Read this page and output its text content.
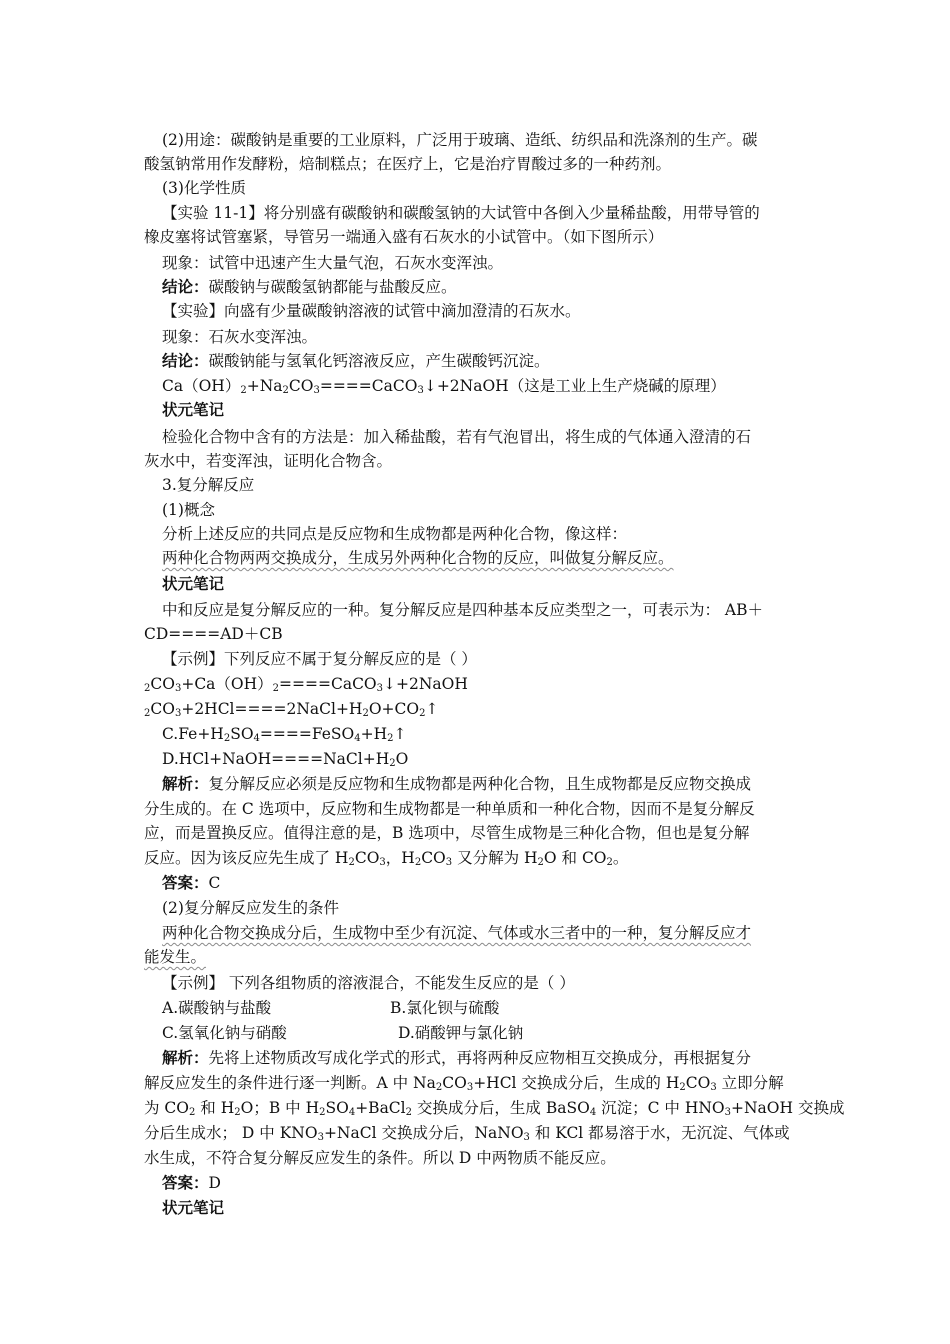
(2)用途：碳酸钠是重要的工业原料，广泛用于玻璃、造纸、纺织品和洗涤剂的生产。碳
酸氢钠常用作发酵粉，焙制糕点；在医疗上，它是治疗胃酸过多的一种药剂。
(3)化学性质
【实验 11-1】将分别盛有碳酸钠和碳酸氢钠的大试管中各倒入少量稀盐酸，用带导管的
橡皮塞将试管塞紧，导管另一端通入盛有石灰水的小试管中。（如下图所示）
现象：试管中迅速产生大量气泡，石灰水变浑浊。
结论：碳酸钠与碳酸氢钠都能与盐酸反应。
【实验】向盛有少量碳酸钠溶液的试管中滴加澄清的石灰水。
现象：石灰水变浑浊。
结论：碳酸钠能与氢氧化钙溶液反应，产生碳酸钙沉淀。
$Ca(OH)_2+Na_2CO_3====CaCO_3↓+2NaOH$（这是工业上生产烧碱的原理）
状元笔记
检验化合物中含有的方法是：加入稀盐酸，若有气泡冒出，将生成的气体通入澄清的石
灰水中，若变浑浊，证明化合物含。
3.复分解反应
(1)概念
分析上述反应的共同点是反应物和生成物都是两种化合物，像这样：
两种化合物两两交换成分，生成另外两种化合物的反应，叫做复分解反应。
状元笔记
中和反应是复分解反应的一种。复分解反应是四种基本反应类型之一，可表示为： AB＋
CD====AD＋CB
【示例】下列反应不属于复分解反应的是（ ）
$_2CO_3+Ca(OH)_2====CaCO_3↓+2NaOH$
$_2CO_3+2HCl====2NaCl+H_2O+CO_2↑$
$C.Fe+H_2SO_4====FeSO_4+H_2↑$
$D.HCl+NaOH====NaCl+H_2O$
解析：复分解反应必须是反应物和生成物都是两种化合物，且生成物都是反应物交换成
分生成的。在 C 选项中，反应物和生成物都是一种单质和一种化合物，因而不是复分解反
应，而是置换反应。值得注意的是，B 选项中，尽管生成物是三种化合物，但也是复分解
反应。因为该反应先生成了 $H_2CO_3$，$H_2CO_3$ 又分解为 $H_2O$ 和 $CO_2$。
答案：C
(2)复分解反应发生的条件
两种化合物交换成分后，生成物中至少有沉淀、气体或水三者中的一种，复分解反应才
能发生。
【示例】 下列各组物质的溶液混合，不能发生反应的是（ ）
A.碳酸钠与盐酸	B.氯化钡与硫酸
C.氢氧化钠与硝酸	D.硝酸钾与氯化钠
解析：先将上述物质改写成化学式的形式，再将两种反应物相互交换成分，再根据复分
解反应发生的条件进行逐一判断。A 中 $Na_2CO_3+HCl$ 交换成分后，生成的 $H_2CO_3$ 立即分解
为 $CO_2$ 和 $H_2O$；B 中 $H_2SO_4+BaCl_2$ 交换成分后，生成 BaSO$_4$ 沉淀；C 中 $HNO_3+NaOH$ 交换成
分后生成水； D 中 $KNO_3+NaCl$ 交换成分后，NaNO$_3$ 和 KCl 都易溶于水，无沉淀、气体或
水生成，不符合复分解反应发生的条件。所以 D 中两物质不能反应。
答案：D
状元笔记
